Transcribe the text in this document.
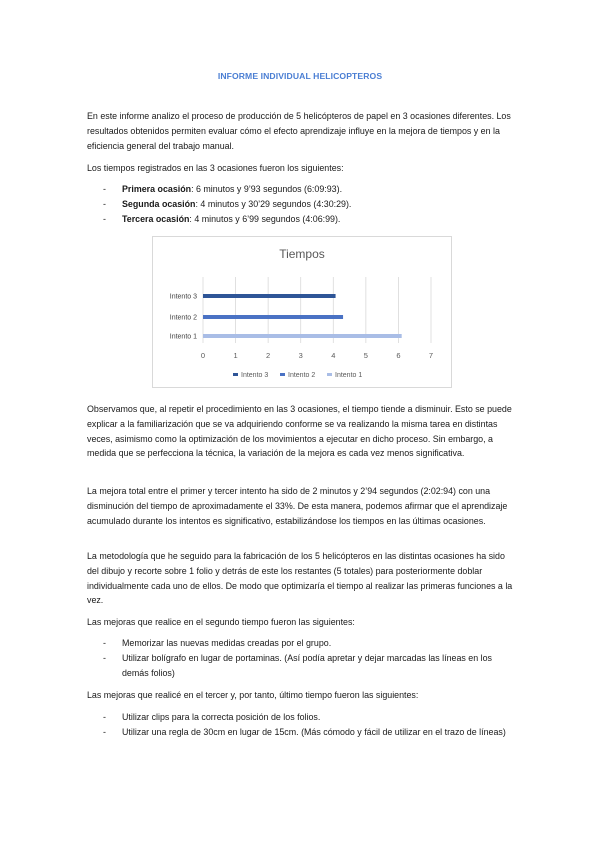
INFORME INDIVIDUAL HELICOPTEROS

En este informe analizo el proceso de producción de 5 helicópteros de papel en 3 ocasiones diferentes. Los resultados obtenidos permiten evaluar cómo el efecto aprendizaje influye en la mejora de tiempos y en la eficiencia general del trabajo manual.

Los tiempos registrados en las 3 ocasiones fueron los siguientes:

- Primera ocasión: 6 minutos y 9’93 segundos (6:09:93).
- Segunda ocasión: 4 minutos y 30’29 segundos (4:30:29).
- Tercera ocasión: 4 minutos y 6’99 segundos (4:06:99).
Tiempos
0	1	2	3	4	5	6	7
Intento 1
Intento 2
Intento 3
Intento 3	Intento 2	Intento 1

Observamos que, al repetir el procedimiento en las 3 ocasiones, el tiempo tiende a disminuir. Esto se puede explicar a la familiarización que se va adquiriendo conforme se va realizando la misma tarea en distintas veces, asimismo como la optimización de los movimientos a ejecutar en dicho proceso. Sin embargo, a medida que se perfecciona la técnica, la variación de la mejora es cada vez menos significativa.

La mejora total entre el primer y tercer intento ha sido de 2 minutos y 2’94 segundos (2:02:94) con una disminución del tiempo de aproximadamente el 33%. De esta manera, podemos afirmar que el aprendizaje acumulado durante los intentos es significativo, estabilizándose los tiempos en las últimas ocasiones.

La metodología que he seguido para la fabricación de los 5 helicópteros en las distintas ocasiones ha sido del dibujo y recorte sobre 1 folio y detrás de este los restantes (5 totales) para posteriormente doblar individualmente cada uno de ellos. De modo que optimizaría el tiempo al realizar las primeras funciones a la vez.

Las mejoras que realice en el segundo tiempo fueron las siguientes:

- Memorizar las nuevas medidas creadas por el grupo.
- Utilizar bolígrafo en lugar de portaminas. (Así podía apretar y dejar marcadas las líneas en los demás folios)

Las mejoras que realicé en el tercer y, por tanto, último tiempo fueron las siguientes:

- Utilizar clips para la correcta posición de los folios.
- Utilizar una regla de 30cm en lugar de 15cm. (Más cómodo y fácil de utilizar en el trazo de líneas)
